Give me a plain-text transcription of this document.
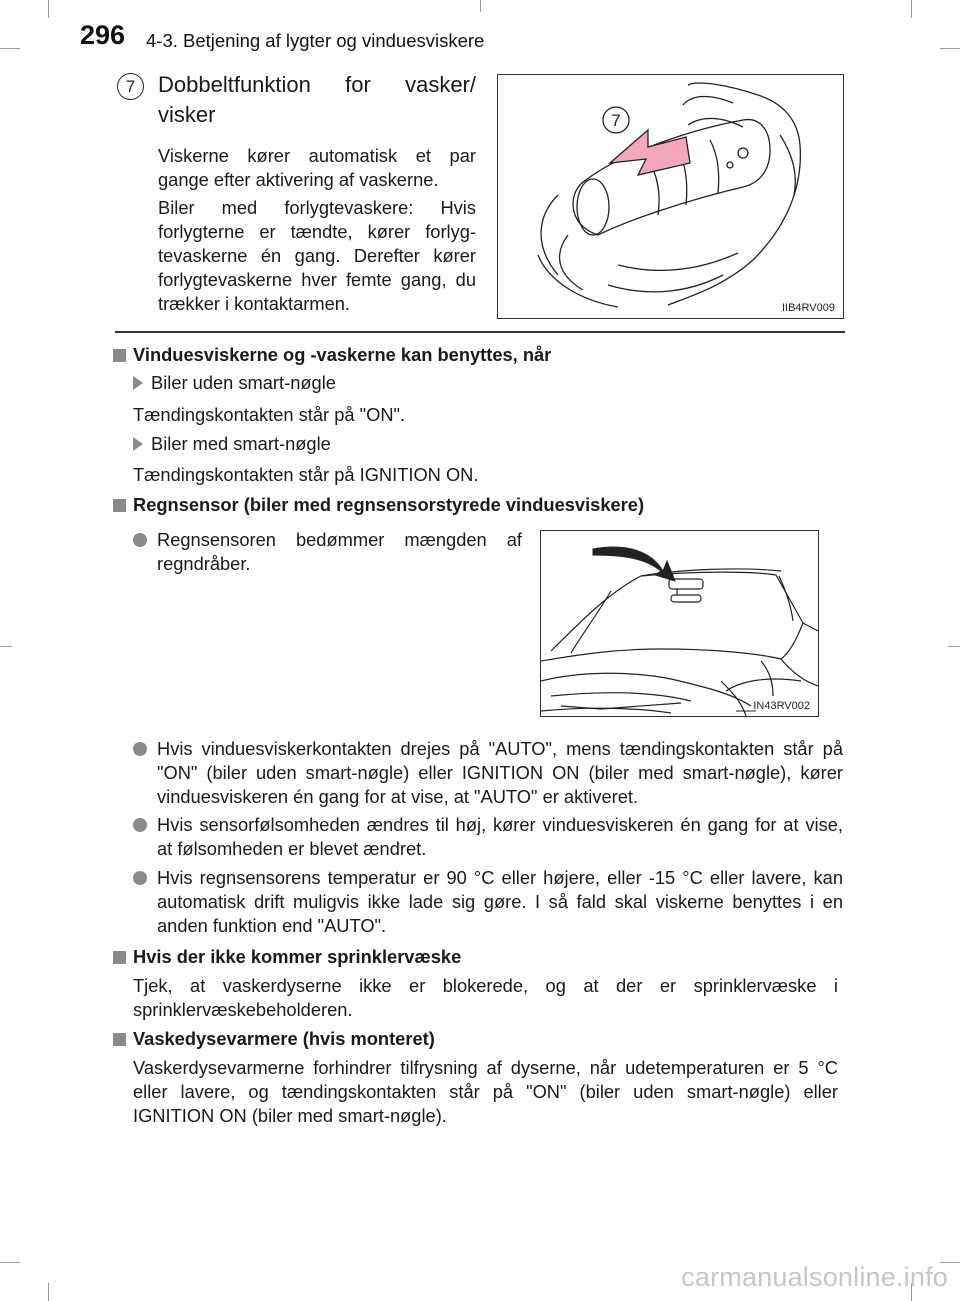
296 4-3. Betjening af lygter og vinduesviskere
7	Dobbeltfunktion for vasker/
visker
Viskerne kører automatisk et par gange efter aktivering af vaskerne.
Biler med forlygtevaskere: Hvis forlygterne er tændte, kører forlyg-tevaskerne én gang. Derefter kører forlygtevaskerne hver femte gang, du trækker i kontaktarmen.
7
IIB4RV009
Vinduesviskerne og -vaskerne kan benyttes, når
Biler uden smart-nøgle
Tændingskontakten står på "ON".
Biler med smart-nøgle
Tændingskontakten står på IGNITION ON.
Regnsensor (biler med regnsensorstyrede vinduesviskere)
Regnsensoren bedømmer mængden af regndråber.
IN43RV002
Hvis vinduesviskerkontakten drejes på "AUTO", mens tændingskontakten står på "ON" (biler uden smart-nøgle) eller IGNITION ON (biler med smart-nøgle), kører vinduesviskeren én gang for at vise, at "AUTO" er aktiveret.
Hvis sensorfølsomheden ændres til høj, kører vinduesviskeren én gang for at vise, at følsomheden er blevet ændret.
Hvis regnsensorens temperatur er 90 °C eller højere, eller -15 °C eller lavere, kan automatisk drift muligvis ikke lade sig gøre. I så fald skal viskerne benyttes i en anden funktion end "AUTO".
Hvis der ikke kommer sprinklervæske
Tjek, at vaskerdyserne ikke er blokerede, og at der er sprinklervæske i sprinklervæskebeholderen.
Vaskedysevarmere (hvis monteret)
Vaskerdysevarmerne forhindrer tilfrysning af dyserne, når udetemperaturen er 5 °C eller lavere, og tændingskontakten står på "ON" (biler uden smart-nøgle) eller IGNITION ON (biler med smart-nøgle).
carmanualsonline.info
